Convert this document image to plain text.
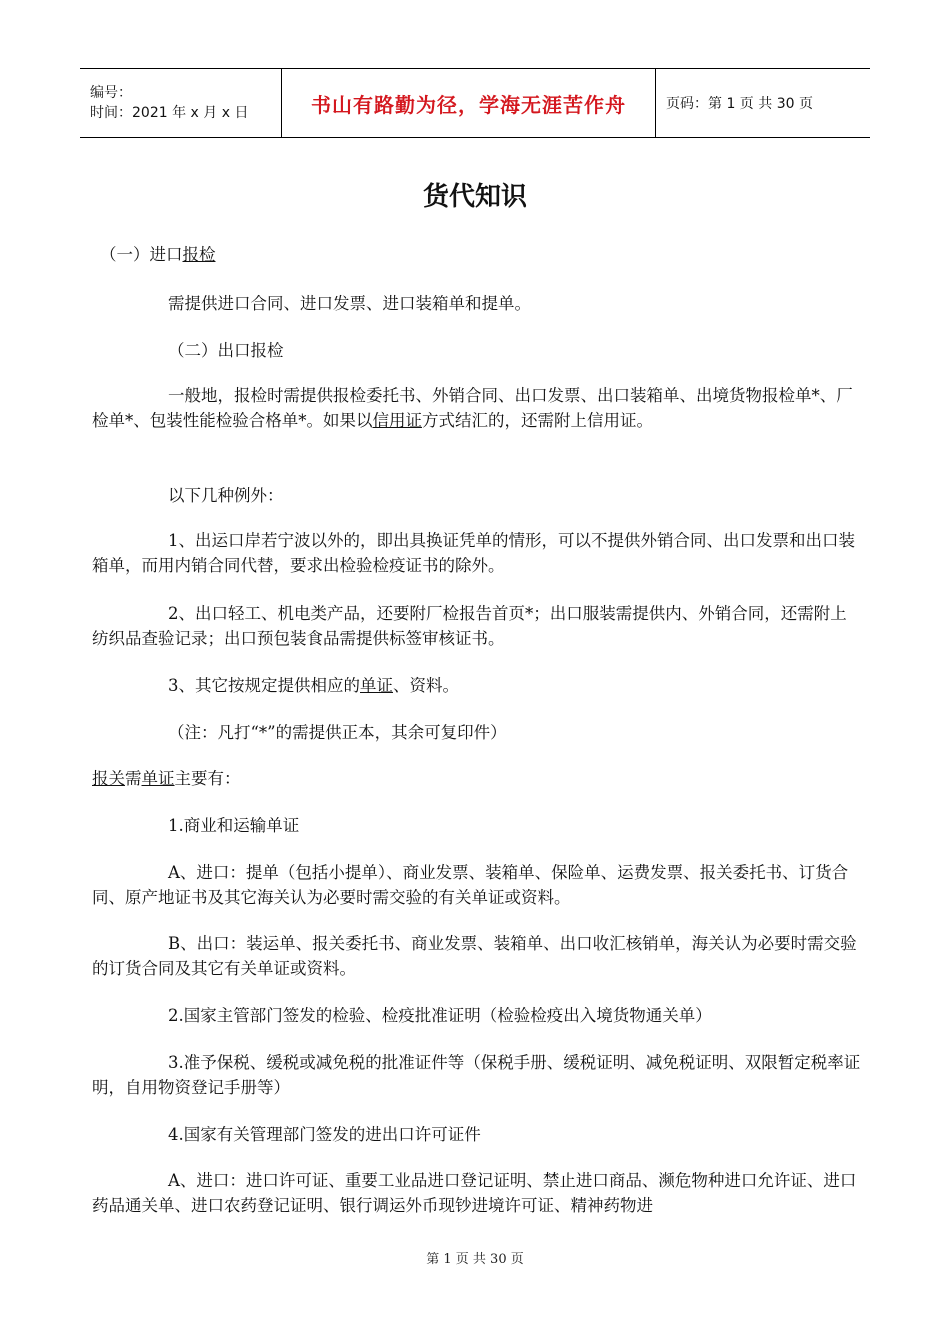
编号：
时间：2021 年 x 月 x 日	书山有路勤为径，学海无涯苦作舟	页码：第 1 页 共 30 页
货代知识

（一）进口报检

需提供进口合同、进口发票、进口装箱单和提单。

（二）出口报检

一般地，报检时需提供报检委托书、外销合同、出口发票、出口装箱单、出境货物报检单*、厂检单*、包装性能检验合格单*。如果以信用证方式结汇的，还需附上信用证。

以下几种例外：

1、出运口岸若宁波以外的，即出具换证凭单的情形，可以不提供外销合同、出口发票和出口装箱单，而用内销合同代替，要求出检验检疫证书的除外。

2、出口轻工、机电类产品，还要附厂检报告首页*；出口服装需提供内、外销合同，还需附上纺织品查验记录；出口预包装食品需提供标签审核证书。

3、其它按规定提供相应的单证、资料。

（注：凡打“*”的需提供正本，其余可复印件）

报关需单证主要有：

1.商业和运输单证

A、进口：提单（包括小提单）、商业发票、装箱单、保险单、运费发票、报关委托书、订货合同、原产地证书及其它海关认为必要时需交验的有关单证或资料。

B、出口：装运单、报关委托书、商业发票、装箱单、出口收汇核销单，海关认为必要时需交验的订货合同及其它有关单证或资料。

2.国家主管部门签发的检验、检疫批准证明（检验检疫出入境货物通关单）

3.准予保税、缓税或减免税的批准证件等（保税手册、缓税证明、减免税证明、双限暂定税率证明，自用物资登记手册等）

4.国家有关管理部门签发的进出口许可证件

A、进口：进口许可证、重要工业品进口登记证明、禁止进口商品、濒危物种进口允许证、进口药品通关单、进口农药登记证明、银行调运外币现钞进境许可证、精神药物进

第 1 页 共 30 页
